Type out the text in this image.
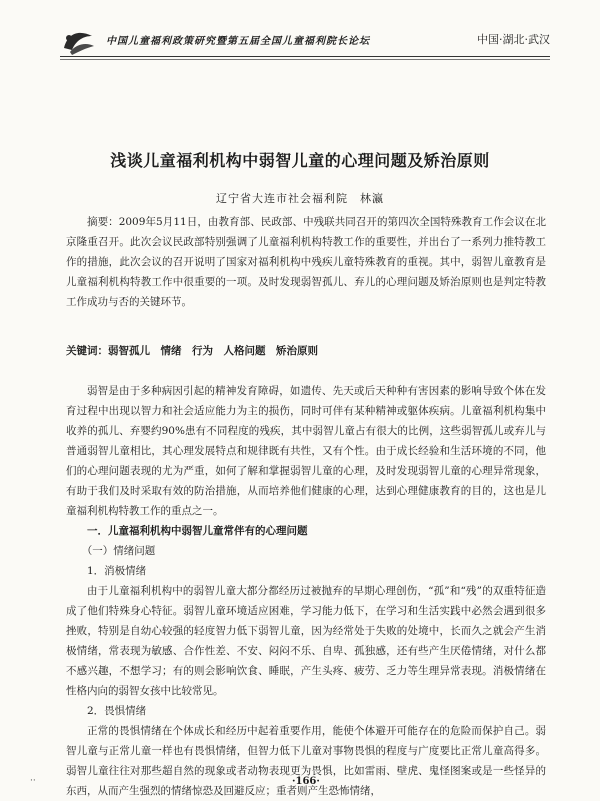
中国儿童福利政策研究暨第五届全国儿童福利院长论坛	中国·湖北·武汉
浅谈儿童福利机构中弱智儿童的心理问题及矫治原则
辽宁省大连市社会福利院　林瀛
摘要：2009年5月11日，由教育部、民政部、中残联共同召开的第四次全国特殊教育工作会议在北京隆重召开。此次会议民政部特别强调了儿童福利机构特教工作的重要性，并出台了一系列力推特教工作的措施，此次会议的召开说明了国家对福利机构中残疾儿童特殊教育的重视。其中，弱智儿童教育是儿童福利机构特教工作中很重要的一项。及时发现弱智孤儿、弃儿的心理问题及矫治原则也是判定特教工作成功与否的关键环节。
关键词：弱智孤儿　情绪　行为　人格问题　矫治原则

弱智是由于多种病因引起的精神发育障碍，如遗传、先天或后天种种有害因素的影响导致个体在发育过程中出现以智力和社会适应能力为主的损伤，同时可伴有某种精神或躯体疾病。儿童福利机构集中收养的孤儿、弃婴约90%患有不同程度的残疾，其中弱智儿童占有很大的比例，这些弱智孤儿或弃儿与普通弱智儿童相比，其心理发展特点和规律既有共性，又有个性。由于成长经验和生活环境的不同，他们的心理问题表现的尤为严重，如何了解和掌握弱智儿童的心理，及时发现弱智儿童的心理异常现象，有助于我们及时采取有效的防治措施，从而培养他们健康的心理，达到心理健康教育的目的，这也是儿童福利机构特教工作的重点之一。

一．儿童福利机构中弱智儿童常伴有的心理问题
（一）情绪问题
1．消极情绪

由于儿童福利机构中的弱智儿童大都分都经历过被抛弃的早期心理创伤，“孤”和“残”的双重特征造成了他们特殊身心特征。弱智儿童环境适应困难，学习能力低下，在学习和生活实践中必然会遇到很多挫败，特别是自幼心较强的轻度智力低下弱智儿童，因为经常处于失败的处境中，长而久之就会产生消极情绪，常表现为敏感、合作性差、不安、闷闷不乐、自卑、孤独感，还有些产生厌倦情绪，对什么都不感兴趣，不想学习；有的则会影响饮食、睡眠，产生头疼、疲劳、乏力等生理异常表现。消极情绪在性格内向的弱智女孩中比较常见。

2．畏惧情绪

正常的畏惧情绪在个体成长和经历中起着重要作用，能使个体避开可能存在的危险而保护自己。弱智儿童与正常儿童一样也有畏惧情绪，但智力低下儿童对事物畏惧的程度与广度要比正常儿童高得多。弱智儿童往往对那些超自然的现象或者动物表现更为畏惧，比如雷雨、壁虎、鬼怪图案或是一些怪异的东西，从而产生强烈的情绪惊恐及回避反应；重者则产生恐怖情绪，

··	·166·
